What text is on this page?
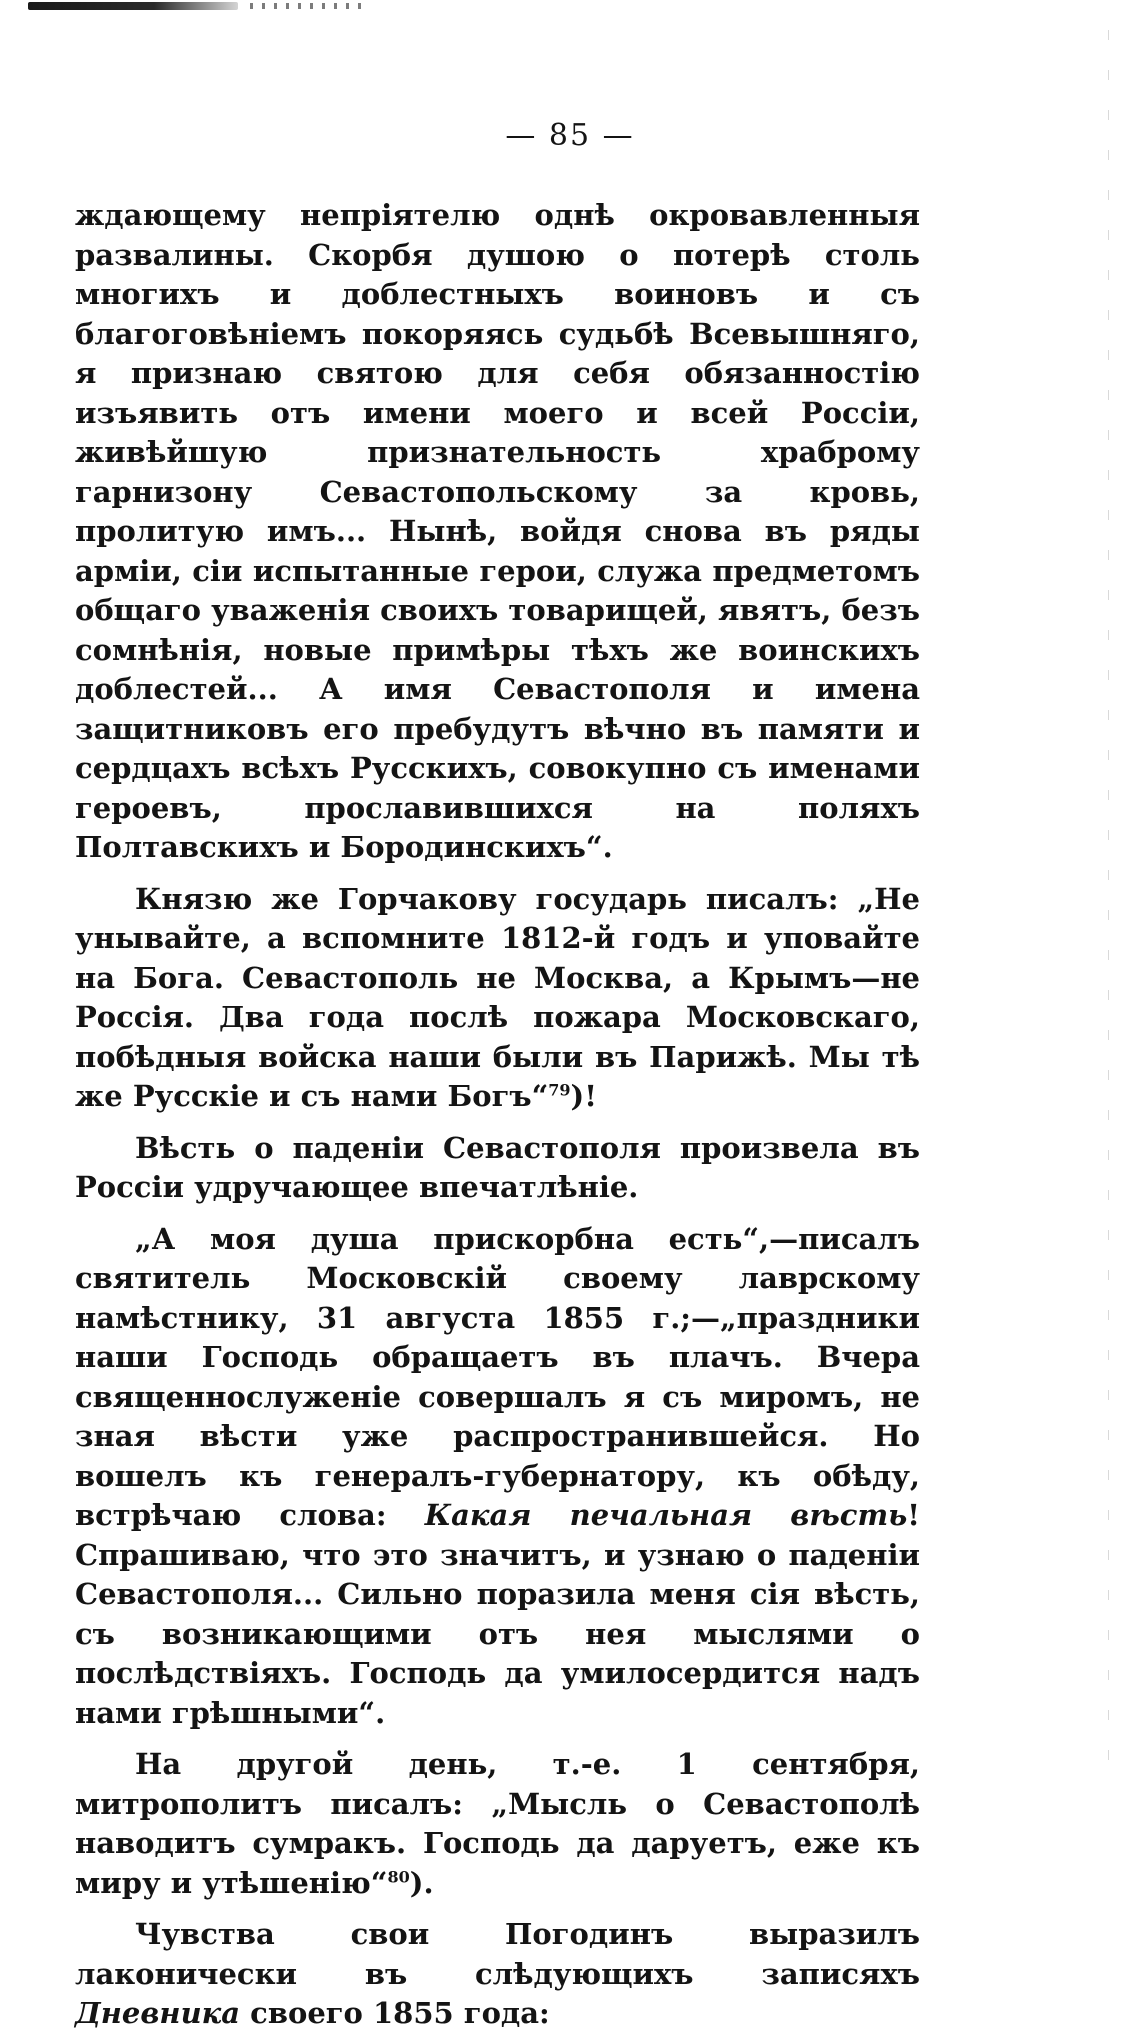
— 85 —

ждающему непріятелю однѣ окровавленныя развалины. Скорбя душою о потерѣ столь многихъ и доблестныхъ воиновъ и съ благоговѣніемъ покоряясь судьбѣ Всевышняго, я признаю святою для себя обязанностію изъявить отъ имени моего и всей Россіи, живѣйшую признательность храброму гарнизону Севастопольскому за кровь, пролитую имъ... Нынѣ, войдя снова въ ряды арміи, сіи испытанные герои, служа предметомъ общаго уваженія своихъ товарищей, явятъ, безъ сомнѣнія, новые примѣры тѣхъ же воинскихъ доблестей... А имя Севастополя и имена защитниковъ его пребудутъ вѣчно въ памяти и сердцахъ всѣхъ Русскихъ, совокупно съ именами героевъ, прославившихся на поляхъ Полтавскихъ и Бородинскихъ“.

Князю же Горчакову государь писалъ: „Не унывайте, а вспомните 1812-й годъ и уповайте на Бога. Севастополь не Москва, а Крымъ—не Россія. Два года послѣ пожара Московскаго, побѣдныя войска наши были въ Парижѣ. Мы тѣ же Русскіе и съ нами Богъ“$^{79}$)!

Вѣсть о паденіи Севастополя произвела въ Россіи удручающее впечатлѣніе.

„А моя душа прискорбна есть“,—писалъ святитель Московскій своему лаврскому намѣстнику, 31 августа 1855 г.;—„праздники наши Господь обращаетъ въ плачъ. Вчера священнослуженіе совершалъ я съ миромъ, не зная вѣсти уже распространившейся. Но вошелъ къ генералъ-губернатору, къ обѣду, встрѣчаю слова: Какая печальная вѣсть! Спрашиваю, что это значитъ, и узнаю о паденіи Севастополя... Сильно поразила меня сія вѣсть, съ возникающими отъ нея мыслями о послѣдствіяхъ. Господь да умилосердится надъ нами грѣшными“.

На другой день, т.-е. 1 сентября, митрополитъ писалъ: „Мысль о Севастополѣ наводитъ сумракъ. Господь да даруетъ, еже къ миру и утѣшенію“$^{80}$).

Чувства свои Погодинъ выразилъ лаконически въ слѣдующихъ записяхъ Дневника своего 1855 года:
